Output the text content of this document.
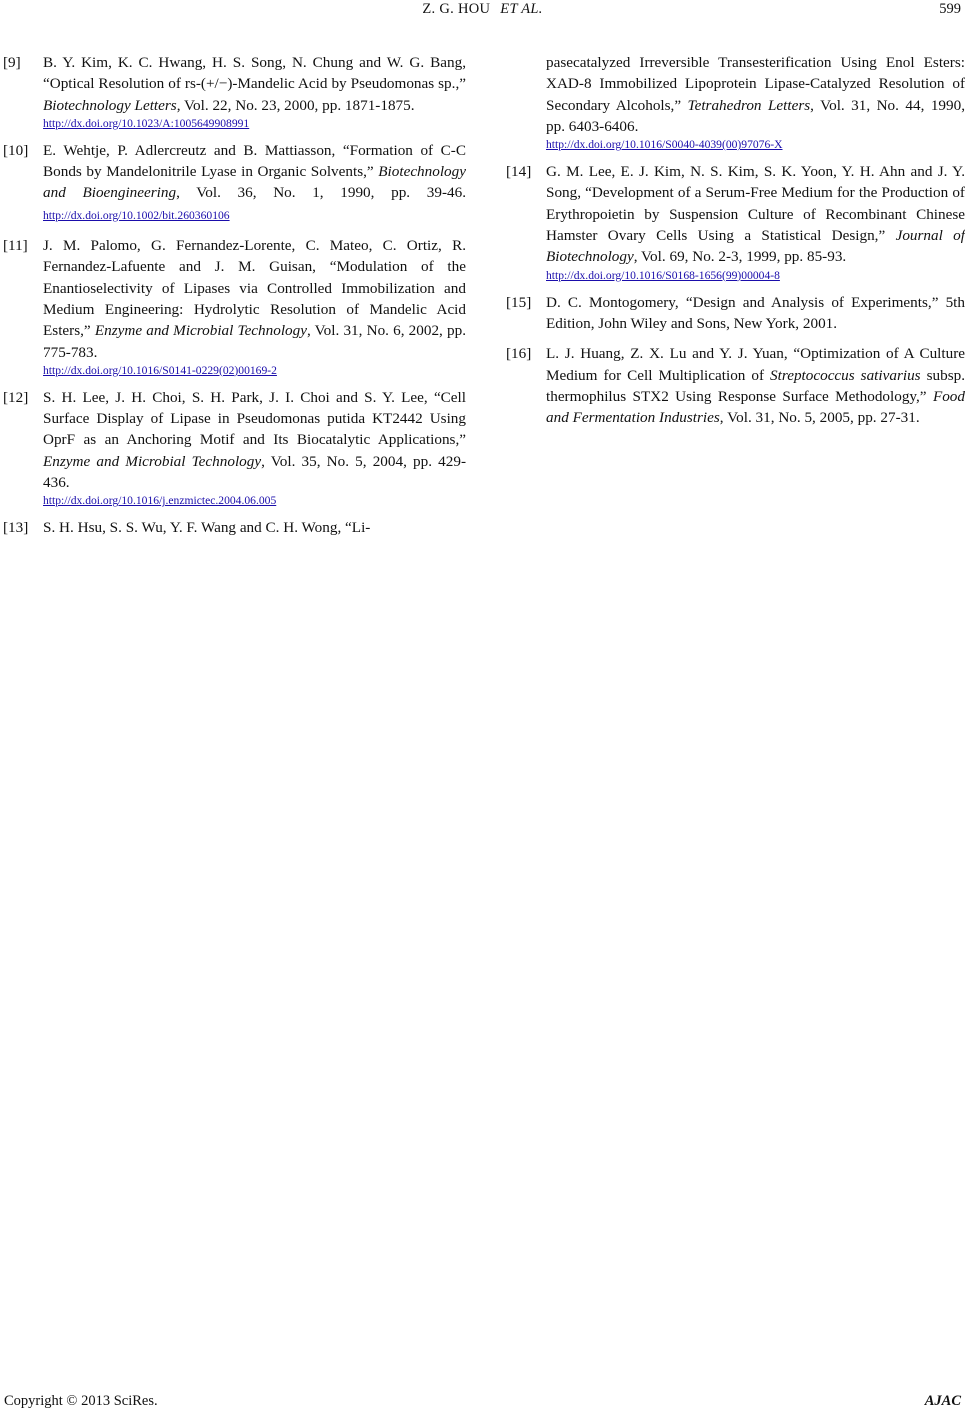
Z. G. HOU ET AL.	599
[9]	B. Y. Kim, K. C. Hwang, H. S. Song, N. Chung and W. G. Bang, “Optical Resolution of rs-(+/−)-Mandelic Acid by Pseudomonas sp.,” Biotechnology Letters, Vol. 22, No. 23, 2000, pp. 1871-1875.
http://dx.doi.org/10.1023/A:1005649908991
[10] E. Wehtje, P. Adlercreutz and B. Mattiasson, “Formation of C-C Bonds by Mandelonitrile Lyase in Organic Solvents,” Biotechnology and Bioengineering, Vol. 36, No. 1, 1990, pp. 39-46. http://dx.doi.org/10.1002/bit.260360106
[11]	J. M. Palomo, G. Fernandez-Lorente, C. Mateo, C. Ortiz, R. Fernandez-Lafuente and J. M. Guisan, “Modulation of the Enantioselectivity of Lipases via Controlled Immobilization and Medium Engineering: Hydrolytic Resolution of Mandelic Acid Esters,” Enzyme and Microbial Technology, Vol. 31, No. 6, 2002, pp. 775-783.
http://dx.doi.org/10.1016/S0141-0229(02)00169-2
[12] S. H. Lee, J. H. Choi, S. H. Park, J. I. Choi and S. Y. Lee, “Cell Surface Display of Lipase in Pseudomonas putida KT2442 Using OprF as an Anchoring Motif and Its Biocatalytic Applications,” Enzyme and Microbial Technology, Vol. 35, No. 5, 2004, pp. 429-436.
http://dx.doi.org/10.1016/j.enzmictec.2004.06.005
[13] S. H. Hsu, S. S. Wu, Y. F. Wang and C. H. Wong, “Li-
pasecatalyzed Irreversible Transesterification Using Enol Esters: XAD-8 Immobilized Lipoprotein Lipase-Catalyzed Resolution of Secondary Alcohols,” Tetrahedron Letters, Vol. 31, No. 44, 1990, pp. 6403-6406.
http://dx.doi.org/10.1016/S0040-4039(00)97076-X
[14] G. M. Lee, E. J. Kim, N. S. Kim, S. K. Yoon, Y. H. Ahn and J. Y. Song, “Development of a Serum-Free Medium for the Production of Erythropoietin by Suspension Culture of Recombinant Chinese Hamster Ovary Cells Using a Statistical Design,” Journal of Biotechnology, Vol. 69, No. 2-3, 1999, pp. 85-93.
http://dx.doi.org/10.1016/S0168-1656(99)00004-8
[15] D. C. Montogomery, “Design and Analysis of Experiments,” 5th Edition, John Wiley and Sons, New York, 2001.
[16] L. J. Huang, Z. X. Lu and Y. J. Yuan, “Optimization of A Culture Medium for Cell Multiplication of Streptococcus sativarius subsp. thermophilus STX2 Using Response Surface Methodology,” Food and Fermentation Industries, Vol. 31, No. 5, 2005, pp. 27-31.
Copyright © 2013 SciRes.	AJAC
